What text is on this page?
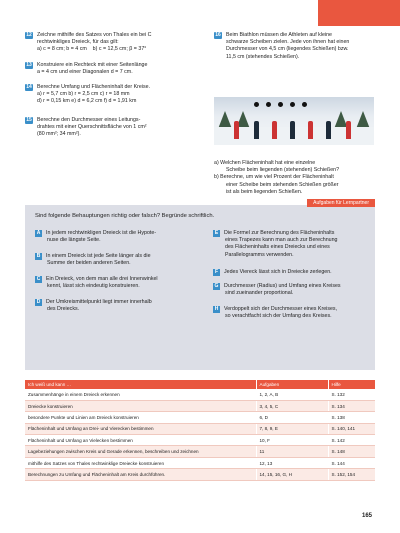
12 Zeichne mithilfe des Satzes von Thales ein bei C
rechtwinkliges Dreieck, für das gilt:
a) c = 8 cm; b = 4 cm b) c = 12,5 cm; β = 37°
13 Konstruiere ein Rechteck mit einer Seitenlänge
a = 4 cm und einer Diagonalen d = 7 cm.
14 Berechne Umfang und Flächeninhalt der Kreise.
a) r = 5,7 cm b) r = 2,5 cm c) r = 18 mm
d) r = 0,15 km e) d = 6,2 cm f) d = 1,91 km
15 Berechne den Durchmesser eines Leitungs-
drahtes mit einer Querschnittsfläche von 1 cm²
(80 mm²; 34 mm²).
16 Beim Biathlon müssen die Athleten auf kleine
schwarze Scheiben zielen. Jede von ihnen hat einen
Durchmesser von 4,5 cm (liegendes Schießen) bzw.
11,5 cm (stehendes Schießen).
a) Welchen Flächeninhalt hat eine einzelne
Scheibe beim liegenden (stehenden) Schießen?
b) Berechne, um wie viel Prozent der Flächeninhalt
einer Scheibe beim stehenden Schießen größer
ist als beim liegenden Schießen.
Aufgaben für Lernpartner
Sind folgende Behauptungen richtig oder falsch? Begründe schriftlich.
A In jedem rechtwinkligen Dreieck ist die Hypote-
nuse die längste Seite.
B In einem Dreieck ist jede Seite länger als die
Summe der beiden anderen Seiten.
C Ein Dreieck, von dem man alle drei Innenwinkel
kennt, lässt sich eindeutig konstruieren.
D Der Umkreismittelpunkt liegt immer innerhalb
des Dreiecks.
E Die Formel zur Berechnung des Flächeninhalts
eines Trapezes kann man auch zur Berechnung
des Flächeninhalts eines Dreiecks und eines
Parallelogramms verwenden.
F Jedes Viereck lässt sich in Dreiecke zerlegen.
G Durchmesser (Radius) und Umfang eines Kreises
sind zueinander proportional.
H Verdoppelt sich der Durchmesser eines Kreises,
so verachtfacht sich der Umfang des Kreises.
Ich weiß und kann …	Aufgaben	Hilfe
Zusammenhänge in einem Dreieck erkennen	1, 2, A, B	S. 132
Dreiecke konstruieren	3, 4, 5, C	S. 134
besondere Punkte und Linien am Dreieck konstruieren	6, D	S. 138
Flächeninhalt und Umfang an Drei- und Vierecken bestimmen	7, 8, 9, E	S. 140, 141
Flächeninhalt und Umfang an Vielecken bestimmen	10, F	S. 142
Lagebeziehungen zwischen Kreis und Gerade erkennen, beschreiben und zeichnen	11	S. 148
mithilfe des Satzes von Thales rechtwinklige Dreiecke konstruieren	12, 13	S. 144
Berechnungen zu Umfang und Flächeninhalt am Kreis durchführen.	14, 15, 16, G, H	S. 152, 154
165
